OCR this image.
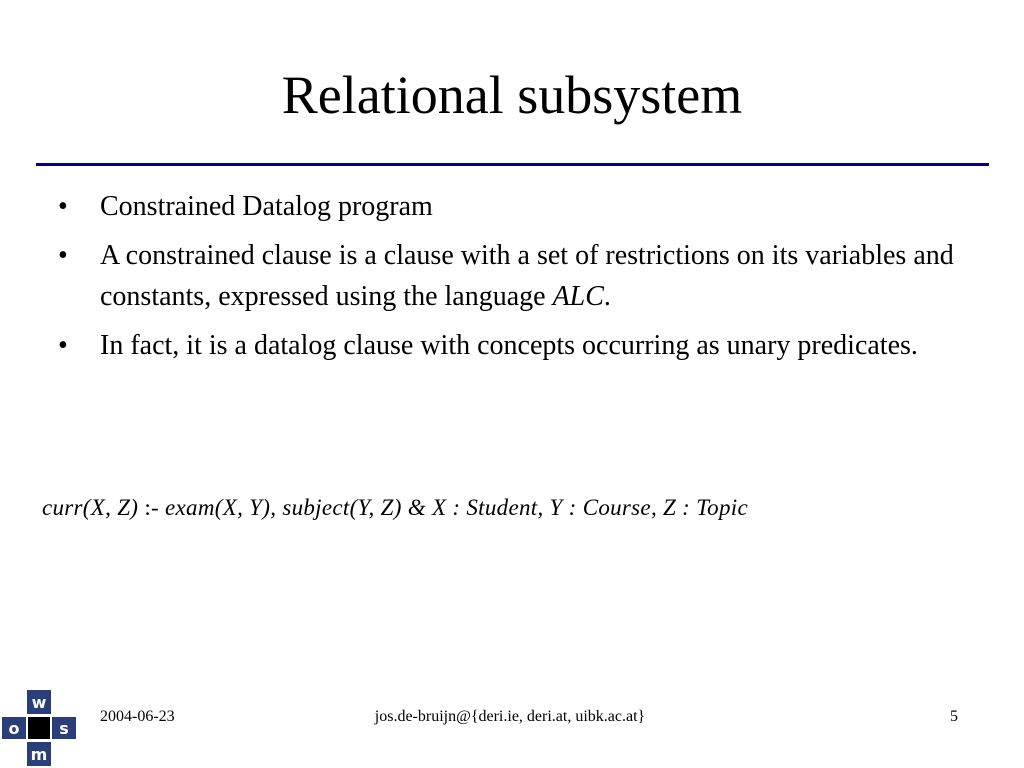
Relational subsystem
• Constrained Datalog program
• A constrained clause is a clause with a set of restrictions on its variables and constants, expressed using the language ALC.
• In fact, it is a datalog clause with concepts occurring as unary predicates.
curr(X, Z) :- exam(X, Y), subject(Y, Z) & X : Student, Y : Course, Z : Topic
w
s
m
o
2004-06-23	jos.de-bruijn@{deri.ie, deri.at, uibk.ac.at}	5
